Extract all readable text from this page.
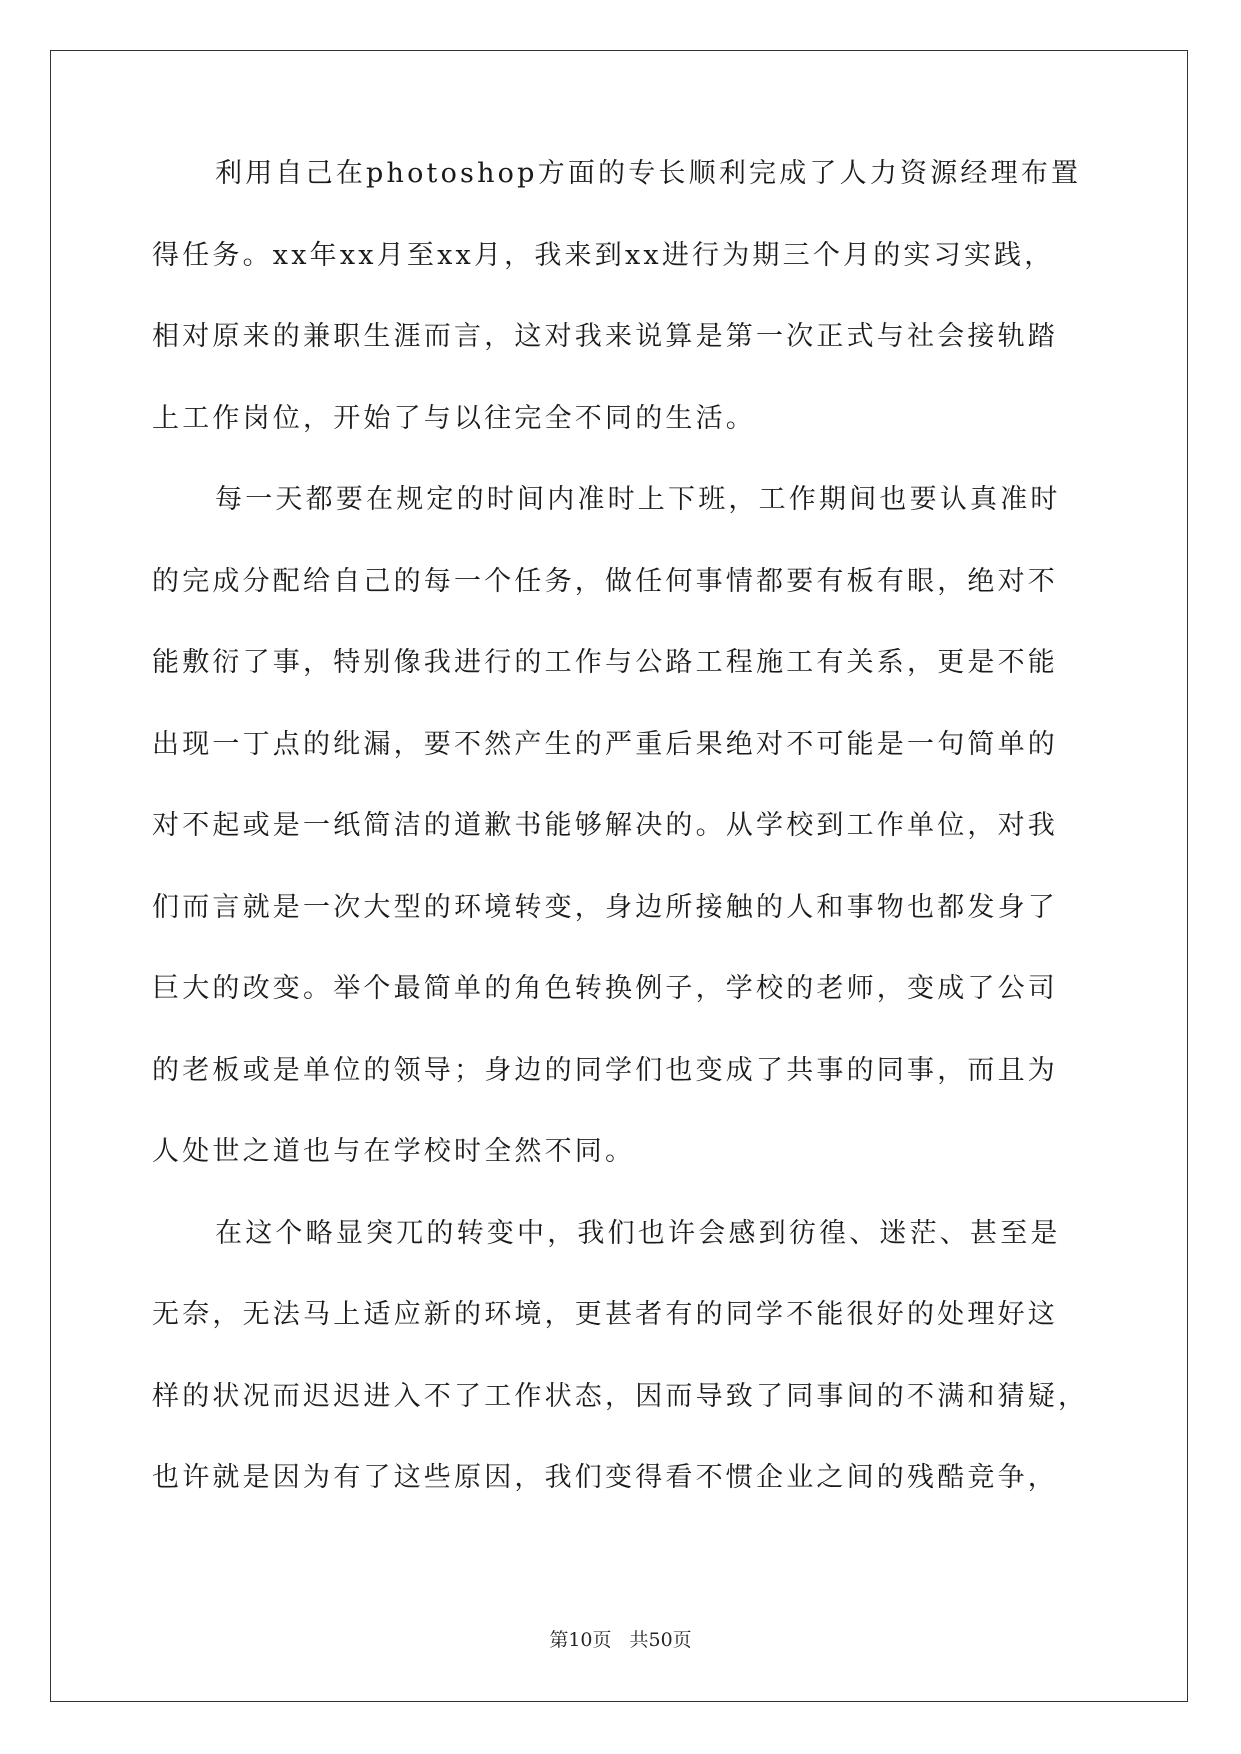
利用自己在photoshop方面的专长顺利完成了人力资源经理布置
得任务。xx年xx月至xx月，我来到xx进行为期三个月的实习实践，
相对原来的兼职生涯而言，这对我来说算是第一次正式与社会接轨踏
上工作岗位，开始了与以往完全不同的生活。
每一天都要在规定的时间内准时上下班，工作期间也要认真准时
的完成分配给自己的每一个任务，做任何事情都要有板有眼，绝对不
能敷衍了事，特别像我进行的工作与公路工程施工有关系，更是不能
出现一丁点的纰漏，要不然产生的严重后果绝对不可能是一句简单的
对不起或是一纸简洁的道歉书能够解决的。从学校到工作单位，对我
们而言就是一次大型的环境转变，身边所接触的人和事物也都发身了
巨大的改变。举个最简单的角色转换例子，学校的老师，变成了公司
的老板或是单位的领导；身边的同学们也变成了共事的同事，而且为
人处世之道也与在学校时全然不同。
在这个略显突兀的转变中，我们也许会感到彷徨、迷茫、甚至是
无奈，无法马上适应新的环境，更甚者有的同学不能很好的处理好这
样的状况而迟迟进入不了工作状态，因而导致了同事间的不满和猜疑，
也许就是因为有了这些原因，我们变得看不惯企业之间的残酷竞争，
第10页 共50页
